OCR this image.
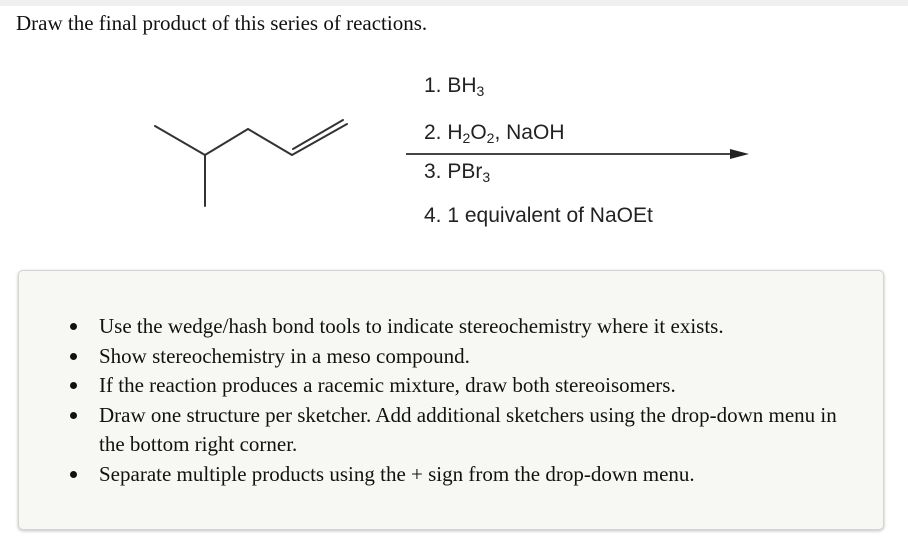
Draw the final product of this series of reactions.
1. $BH_3$
2. $H_2O_2$, NaOH
3. PBr$_3$
4. 1 equivalent of NaOEt
Use the wedge/hash bond tools to indicate stereochemistry where it exists.
Show stereochemistry in a meso compound.
If the reaction produces a racemic mixture, draw both stereoisomers.
Draw one structure per sketcher. Add additional sketchers using the drop-down menu in the bottom right corner.
Separate multiple products using the + sign from the drop-down menu.
